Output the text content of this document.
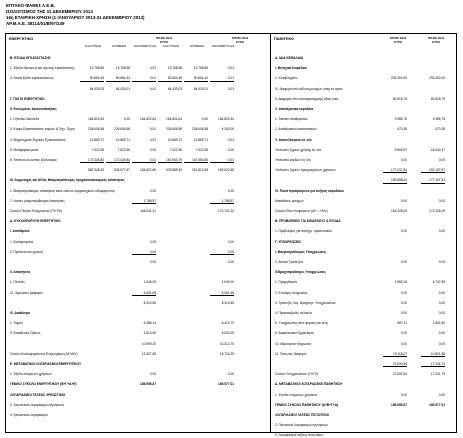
ΕΠΤΑΚΟ-ΦΑΘΕΣ Α.Ε.Β.
ΙΣΟΛΟΓΙΣΜΟΣ ΤΗΣ 31 ΔΕΚΕΜΒΡΙΟΥ 2013
16η ΕΤΑΙΡΙΚΗ ΧΡΗΣΗ (1 ΙΑΝΟΥΑΡΙΟΥ 2013-31 ΔΕΚΕΜΒΡΙΟΥ 2013)
ΑΡ.Μ.Α.Ε. 38114/01/Β/97/249
ΕΝΕΡΓΗΤΙΚΟ	ΧΡΗΣΗ 2013
ΕΥΡΩ
ΧΡΗΣΗ 2012
ΕΥΡΩ
ΑΞΙΑ ΚΤΗΣΕΩΣ	ΑΠΟΣΒΕΣΕΙΣ	ΑΝΑΠΟΣΒΕΣΤΗ ΑΞΙΑ	ΑΞΙΑ ΚΤΗΣΕΩΣ	ΑΠΟΣΒΕΣΕΙΣ	ΑΝΑΠΟΣΒΕΣΤΗ ΑΞΙΑ
Β. ΕΞΟΔΑ ΕΓΚΑΤΑΣΤΑΣΗΣ
1. Έξοδα ιδρύσεως και πρώτης εγκατάστασης	13.768,58	13.768,58	0,01	13.768,58	13.768,58	0,01
4. Λοιπά έξοδα εγκαταστάσεως	50.664,45	50.664,42	0,01	50.664,45	50.664,42	0,01
64.433,03	64.433,01	0,01	64.433,03	64.433,01	0,01
Γ. ΠΑΓΙΟ ΕΝΕΡΓΗΤΙΚΟ
ΙΙ. Ενσώματες Ακινητοποιήσεις
1. Γήπεδα-Οικόπεδα	164.822,64	0,00	164.822,64	164.822,64	0,00	164.822,64
3. Κτίρια-Εγκαταστάσεις κτιρίων & Τεχν. Έργα	226.606,58	226.606,58	0,01	226.606,58	226.606,58	4.200,00
4. Μηχανήματα-Τεχνικές Εγκαταστάσεις	10.869,72	10.869,71	0,01	10.869,72	10.869,71	0,01
5. Μεταφορικά μέσα	7.622,56	7.622,56	0,00	7.622,56	7.622,56	0,00
6. Έπιπλα και λοιπός εξοπλισμός	172.426,82	172.426,84	0,01	167.653,79	167.653,80	0,01
582.348,32	526.577,67	164.822,65	578.585,30	321.812,65	169.022,65
ΙΙΙ. Συμμετοχές και Άλλες Μακροπρόθεσμες Χρηματοοικονομικές Απαιτήσεις
1. Μακροπρόθεσμες απαιτήσεις κατά λοιπών συμμετοχικού ενδιαφέροντος	0,00	0,00
7. Λοιπές μακροπρόθεσμες Απαιτήσεις	1.788,57	1.788,57
Σύνολο Παγίου Ενεργητικού (ΓΙΙ+ΓΙΙΙ)	166.611,21	170.742,20
Δ. ΚΥΚΛΟΦΟΡΟΥΝ ΕΝΕΡΓΗΤΙΚΟ
Ι. Αποθέματα
1. Εμπορεύματα	0,00	0,00
2. Προϊόντα και ημιτελή	0,00	0,00
0,00	0,00
ΙΙ. Απαιτήσεις
1. Πελάτες	1.649,00	1.649,00
11. Χρεώστες Διάφοροι	6.661,65	6.661,65
8.310,65	8.310,65
IV. Διαθέσιμα
1. Ταμείο	6.386,14	6.413,70
3. Καταθέσεις Όψεως	4.613,06	6.000,00
10.999,20	10.413,70
Σύνολο Κυκλοφορούντος Ενεργητικού (ΔΙΙ+ΔΙV)	19.307,85	18.724,25
Ε. ΜΕΤΑΒΑΤΙΚΟΙ ΛΟΓΑΡΙΑΣΜΟΙ ΕΝΕΡΓΗΤΙΚΟΥ
1. Έξοδα επόμενων χρήσεων	0,00	0,00
ΓΕΝΙΚΟ ΣΥΝΟΛΟ ΕΝΕΡΓΗΤΙΚΟΥ (Β+Γ+Δ+Ε)	185.958,57	189.577,01
ΛΟΓΑΡΙΑΣΜΟΙ ΤΑΞΕΩΣ ΧΡΕΩΣΤΙΚΟΙ
2. Χρεωστικοί λογαριασμοί εγγυήσεων
4. Χρεωστικοί λογαριασμοί
ΠΑΘΗΤΙΚΟ	ΧΡΗΣΗ 2013
ΕΥΡΩ
ΧΡΗΣΗ 2012
ΕΥΡΩ
Α. ΙΔΙΑ ΚΕΦΑΛΑΙΑ
Ι. Μετοχικό Κεφάλαιο
1. Καταβλημένο	293.300,00	293.300,00
IV. Διαφορά από έκδοση μετοχών υπέρ το άρτιο
3. Διαφορές από αναπροσαρμογή αξίας λοιπ.	60.918,75	60.918,75
V. Αποθεματικά κεφάλαια
1. Τακτικό αποθεματικό	3.985,75	3.985,75
2. Αποθεματικό καταστατικών	470,38	470,38
V. Αποτελέσματα εις νέο
Υπόλοιπο ζημιών χρήσης εις νέο	-9.605,57	-24.642,47
Υπόλοιπο κερδών εις νέο	0,00	0,00
Υπόλοιπο ζημιών προηγούμενων χρήσεων	-177.037,84	-152.197,97
165.658,61	177.157,81
VI. Ποσά προορισμένα για αύξηση κεφαλαίου
Καταθέσεις μετόχων	0,00	0,00
Σύνολο Ιδίων Κεφαλαίων (ΑΙ+...+ΑΙV)	164.428,03	172.326,09
Β. ΠΡΟΒΛΕΨΕΙΣ ΓΙΑ ΚΙΝΔΥΝΟΥΣ & ΕΞΟΔΑ
1. Προβλέψεις για αποζημ. προσωπικού	0,00	0,00
Γ. ΥΠΟΧΡΕΩΣΕΙΣ
Ι. Μακροπρόθεσμες Υποχρεώσεις
2. Δάνεια Τραπεζών	0,00	0,00
ΙΙ.Βραχυπρόθεσμες Υποχρεώσεις
1. Προμηθευτές	1.555,16	4.747,55
2. Επιταγές πληρωτέες	0,00	0,00
3. Τράπεζες Λογ. Βραχυπρ. Υποχρεώσεων	0,00	0,00
4. Προκαταβολές πελατών	0,00	0,00
5. Υποχρεώσεις από φόρους και τέλη	857,11	1.692,60
6. Ασφαλιστικοί Οργανισμοί	0,00	0,00
10. Μερίσματα πληρωτέα	0,00	0,00
11. Πιστωτές διάφοροι	19.118,27	10.801,58
21.530,54	17.241,73
Σύνολο Υποχρεώσεων (ΓΙ+ΓΙΙ)	21.530,54	17.241,73
Δ. ΜΕΤΑΒΑΤΙΚΟΙ ΛΟΓΑΡΙΑΣΜΟΙ ΠΑΘΗΤΙΚΟΥ
1. Έσοδα επόμενων χρήσεων	0,00	0,00
ΓΕΝΙΚΟ ΣΥΝΟΛΟ ΠΑΘΗΤΙΚΟΥ (Α+Β+Γ+Δ)	185.958,57	189.577,01
ΛΟΓΑΡΙΑΣΜΟΙ ΤΑΞΕΩΣ ΠΙΣΤΩΤΙΚΟΙ
2. Πιστωτικοί λογαριασμοί εγγυήσεων
4. Λογαριασμοί ταξεως πιστωτικοί
